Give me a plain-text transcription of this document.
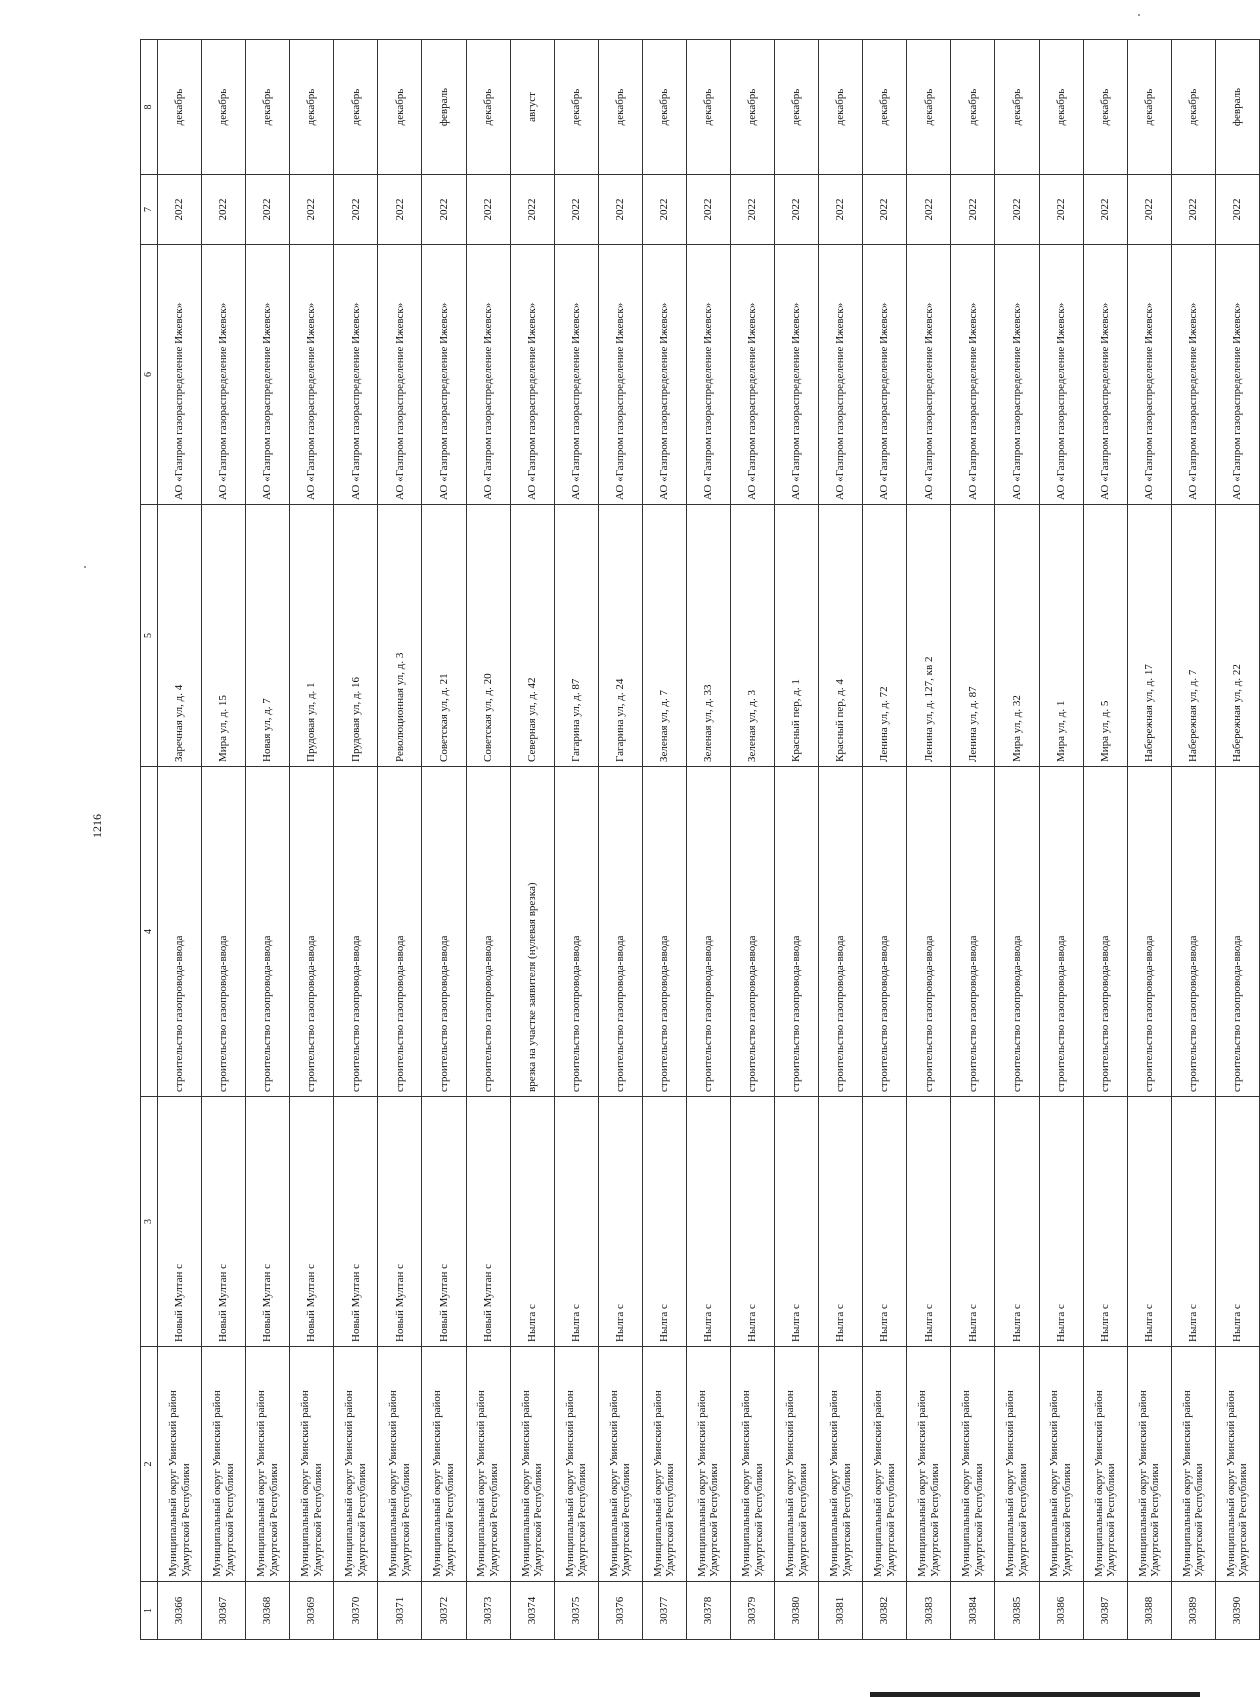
1216
1	2	3	4	5	6	7	8
30366	Муниципальный округ Увинский район Удмуртской Республики	Новый Мултан с	строительство газопровода-ввода	Заречная ул, д. 4	АО «Газпром газораспределение Ижевск»	2022	декабрь
30367	Муниципальный округ Увинский район Удмуртской Республики	Новый Мултан с	строительство газопровода-ввода	Мира ул, д. 15	АО «Газпром газораспределение Ижевск»	2022	декабрь
30368	Муниципальный округ Увинский район Удмуртской Республики	Новый Мултан с	строительство газопровода-ввода	Новая ул, д. 7	АО «Газпром газораспределение Ижевск»	2022	декабрь
30369	Муниципальный округ Увинский район Удмуртской Республики	Новый Мултан с	строительство газопровода-ввода	Прудовая ул, д. 1	АО «Газпром газораспределение Ижевск»	2022	декабрь
30370	Муниципальный округ Увинский район Удмуртской Республики	Новый Мултан с	строительство газопровода-ввода	Прудовая ул, д. 16	АО «Газпром газораспределение Ижевск»	2022	декабрь
30371	Муниципальный округ Увинский район Удмуртской Республики	Новый Мултан с	строительство газопровода-ввода	Революционная ул, д. 3	АО «Газпром газораспределение Ижевск»	2022	декабрь
30372	Муниципальный округ Увинский район Удмуртской Республики	Новый Мултан с	строительство газопровода-ввода	Советская ул, д. 21	АО «Газпром газораспределение Ижевск»	2022	февраль
30373	Муниципальный округ Увинский район Удмуртской Республики	Новый Мултан с	строительство газопровода-ввода	Советская ул, д. 20	АО «Газпром газораспределение Ижевск»	2022	декабрь
30374	Муниципальный округ Увинский район Удмуртской Республики	Нылга с	врезка на участке заявителя (нулевая врезка)	Северная ул, д. 42	АО «Газпром газораспределение Ижевск»	2022	август
30375	Муниципальный округ Увинский район Удмуртской Республики	Нылга с	строительство газопровода-ввода	Гагарина ул, д. 87	АО «Газпром газораспределение Ижевск»	2022	декабрь
30376	Муниципальный округ Увинский район Удмуртской Республики	Нылга с	строительство газопровода-ввода	Гагарина ул, д. 24	АО «Газпром газораспределение Ижевск»	2022	декабрь
30377	Муниципальный округ Увинский район Удмуртской Республики	Нылга с	строительство газопровода-ввода	Зеленая ул, д. 7	АО «Газпром газораспределение Ижевск»	2022	декабрь
30378	Муниципальный округ Увинский район Удмуртской Республики	Нылга с	строительство газопровода-ввода	Зеленая ул, д. 33	АО «Газпром газораспределение Ижевск»	2022	декабрь
30379	Муниципальный округ Увинский район Удмуртской Республики	Нылга с	строительство газопровода-ввода	Зеленая ул, д. 3	АО «Газпром газораспределение Ижевск»	2022	декабрь
30380	Муниципальный округ Увинский район Удмуртской Республики	Нылга с	строительство газопровода-ввода	Красный пер, д. 1	АО «Газпром газораспределение Ижевск»	2022	декабрь
30381	Муниципальный округ Увинский район Удмуртской Республики	Нылга с	строительство газопровода-ввода	Красный пер, д. 4	АО «Газпром газораспределение Ижевск»	2022	декабрь
30382	Муниципальный округ Увинский район Удмуртской Республики	Нылга с	строительство газопровода-ввода	Ленина ул, д. 72	АО «Газпром газораспределение Ижевск»	2022	декабрь
30383	Муниципальный округ Увинский район Удмуртской Республики	Нылга с	строительство газопровода-ввода	Ленина ул, д. 127, кв 2	АО «Газпром газораспределение Ижевск»	2022	декабрь
30384	Муниципальный округ Увинский район Удмуртской Республики	Нылга с	строительство газопровода-ввода	Ленина ул, д. 87	АО «Газпром газораспределение Ижевск»	2022	декабрь
30385	Муниципальный округ Увинский район Удмуртской Республики	Нылга с	строительство газопровода-ввода	Мира ул, д. 32	АО «Газпром газораспределение Ижевск»	2022	декабрь
30386	Муниципальный округ Увинский район Удмуртской Республики	Нылга с	строительство газопровода-ввода	Мира ул, д. 1	АО «Газпром газораспределение Ижевск»	2022	декабрь
30387	Муниципальный округ Увинский район Удмуртской Республики	Нылга с	строительство газопровода-ввода	Мира ул, д. 5	АО «Газпром газораспределение Ижевск»	2022	декабрь
30388	Муниципальный округ Увинский район Удмуртской Республики	Нылга с	строительство газопровода-ввода	Набережная ул, д. 17	АО «Газпром газораспределение Ижевск»	2022	декабрь
30389	Муниципальный округ Увинский район Удмуртской Республики	Нылга с	строительство газопровода-ввода	Набережная ул, д. 7	АО «Газпром газораспределение Ижевск»	2022	декабрь
30390	Муниципальный округ Увинский район Удмуртской Республики	Нылга с	строительство газопровода-ввода	Набережная ул, д. 22	АО «Газпром газораспределение Ижевск»	2022	февраль
